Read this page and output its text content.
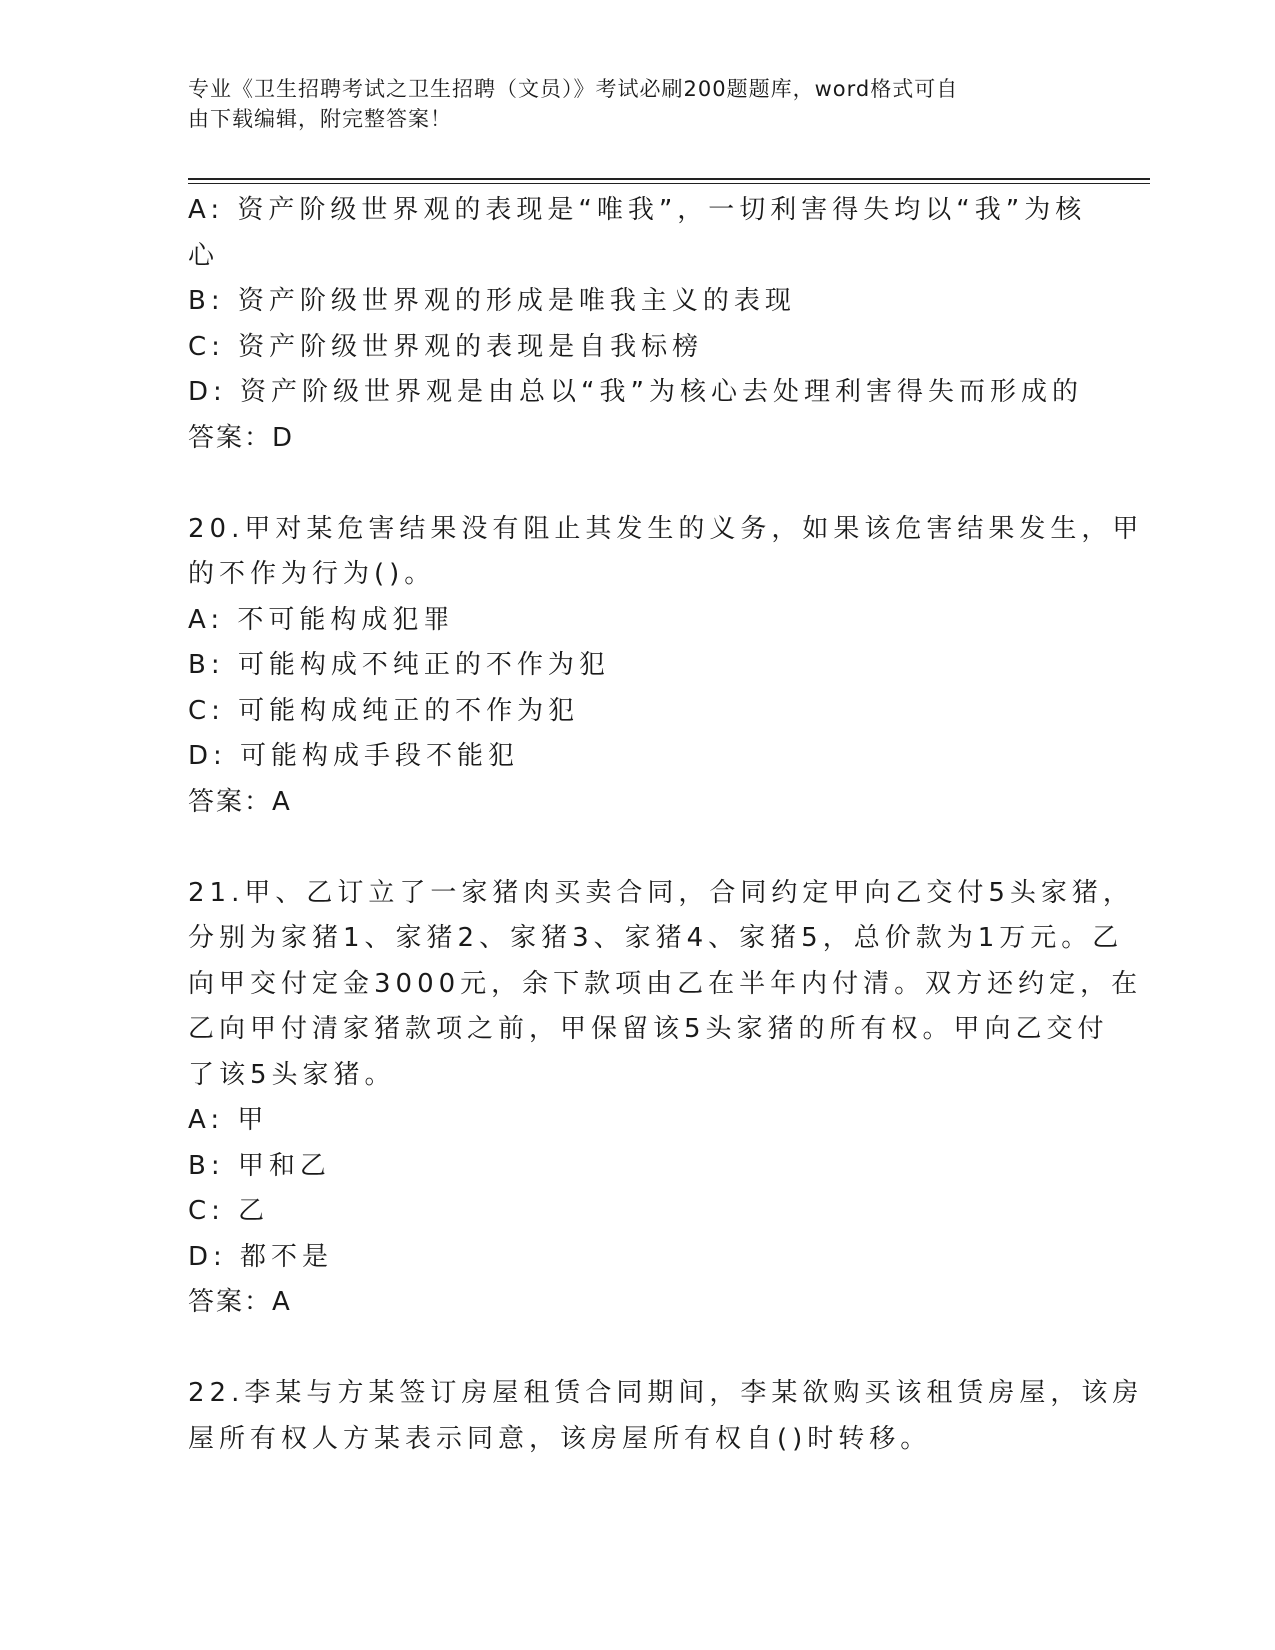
专业《卫生招聘考试之卫生招聘（文员）》考试必刷200题题库，word格式可自
由下载编辑，附完整答案！
A: 资产阶级世界观的表现是“唯我”，一切利害得失均以“我”为核
心
B: 资产阶级世界观的形成是唯我主义的表现
C: 资产阶级世界观的表现是自我标榜
D: 资产阶级世界观是由总以“我”为核心去处理利害得失而形成的
答案：D
20.甲对某危害结果没有阻止其发生的义务，如果该危害结果发生，甲
的不作为行为()。
A: 不可能构成犯罪
B: 可能构成不纯正的不作为犯
C: 可能构成纯正的不作为犯
D: 可能构成手段不能犯
答案：A
21.甲、乙订立了一家猪肉买卖合同，合同约定甲向乙交付5头家猪，
分别为家猪1、家猪2、家猪3、家猪4、家猪5，总价款为1万元。乙
向甲交付定金3000元，余下款项由乙在半年内付清。双方还约定，在
乙向甲付清家猪款项之前，甲保留该5头家猪的所有权。甲向乙交付
了该5头家猪。
A: 甲
B: 甲和乙
C: 乙
D: 都不是
答案：A
22.李某与方某签订房屋租赁合同期间，李某欲购买该租赁房屋，该房
屋所有权人方某表示同意，该房屋所有权自()时转移。
